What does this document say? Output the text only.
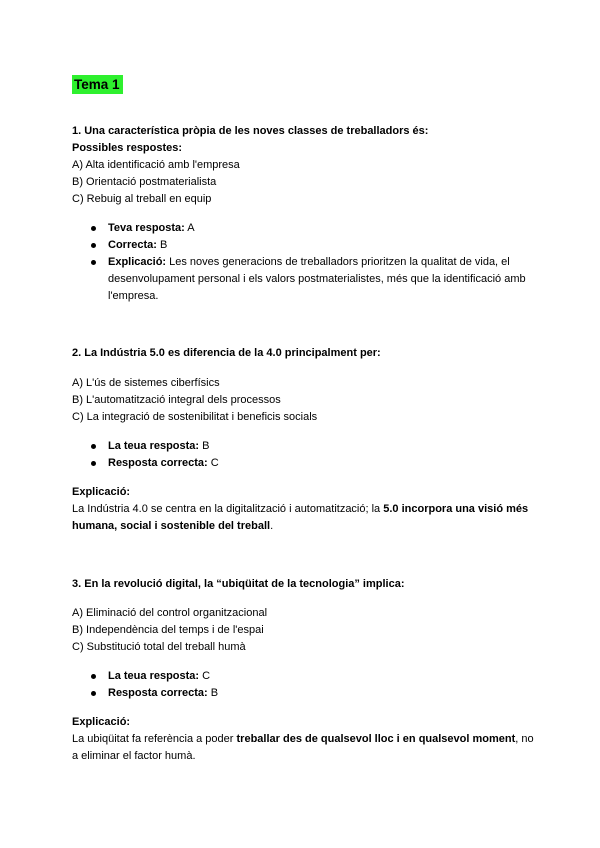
Tema 1

1. Una característica pròpia de les noves classes de treballadors és:

Possibles respostes:

A) Alta identificació amb l'empresa

B) Orientació postmaterialista

C) Rebuig al treball en equip

Teva resposta: A
Correcta: B
Explicació: Les noves generacions de treballadors prioritzen la qualitat de vida, el desenvolupament personal i els valors postmaterialistes, més que la identificació amb l'empresa.

2. La Indústria 5.0 es diferencia de la 4.0 principalment per:

A) L'ús de sistemes ciberfísics

B) L'automatització integral dels processos

C) La integració de sostenibilitat i beneficis socials

La teua resposta: B
Resposta correcta: C

Explicació:

La Indústria 4.0 se centra en la digitalització i automatització; la 5.0 incorpora una visió més humana, social i sostenible del treball.

3. En la revolució digital, la “ubiqüitat de la tecnologia” implica:

A) Eliminació del control organitzacional

B) Independència del temps i de l'espai

C) Substitució total del treball humà

La teua resposta: C
Resposta correcta: B

Explicació:

La ubiqüitat fa referència a poder treballar des de qualsevol lloc i en qualsevol moment, no a eliminar el factor humà.
